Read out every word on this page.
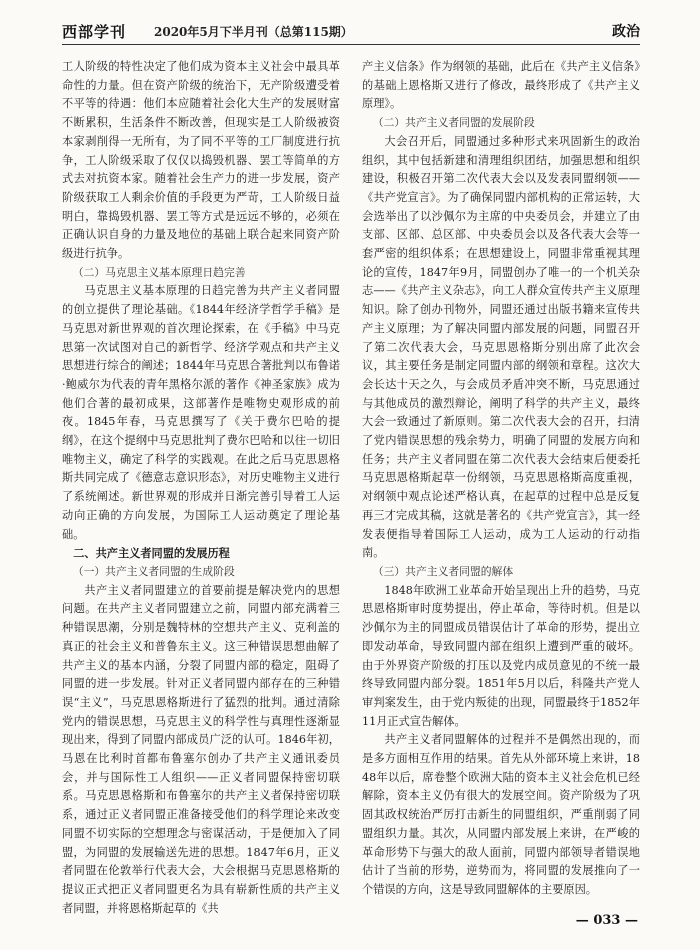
西部学刊 2020年5月下半月刊（总第115期）	政治

工人阶级的特性决定了他们成为资本主义社会中最具革命性的力量。但在资产阶级的统治下，无产阶级遭受着不平等的待遇：他们本应随着社会化大生产的发展财富不断累积，生活条件不断改善，但现实是工人阶级被资本家剥削得一无所有，为了同不平等的工厂制度进行抗争，工人阶级采取了仅仅以捣毁机器、罢工等简单的方式去对抗资本家。随着社会生产力的进一步发展，资产阶级获取工人剩余价值的手段更为严苛，工人阶级日益明白，靠捣毁机器、罢工等方式是远远不够的，必须在正确认识自身的力量及地位的基础上联合起来同资产阶级进行抗争。

（二）马克思主义基本原理日趋完善

马克思主义基本原理的日趋完善为共产主义者同盟的创立提供了理论基础。《1844年经济学哲学手稿》是马克思对新世界观的首次理论探索，在《手稿》中马克思第一次试图对自己的新哲学、经济学观点和共产主义思想进行综合的阐述；1844年马克思合著批判以布鲁诺·鲍威尔为代表的青年黑格尔派的著作《神圣家族》成为他们合著的最初成果，这部著作是唯物史观形成的前夜。1845年春，马克思撰写了《关于费尔巴哈的提纲》，在这个提纲中马克思批判了费尔巴哈和以往一切旧唯物主义，确定了科学的实践观。在此之后马克思恩格斯共同完成了《德意志意识形态》，对历史唯物主义进行了系统阐述。新世界观的形成并日渐完善引导着工人运动向正确的方向发展，为国际工人运动奠定了理论基础。

二、共产主义者同盟的发展历程

（一）共产主义者同盟的生成阶段

共产主义者同盟建立的首要前提是解决党内的思想问题。在共产主义者同盟建立之前，同盟内部充满着三种错误思潮，分别是魏特林的空想共产主义、克利盖的真正的社会主义和普鲁东主义。这三种错误思想曲解了共产主义的基本内涵，分裂了同盟内部的稳定，阻碍了同盟的进一步发展。针对正义者同盟内部存在的三种错误“主义”，马克思恩格斯进行了猛烈的批判。通过清除党内的错误思想，马克思主义的科学性与真理性逐渐显现出来，得到了同盟内部成员广泛的认可。1846年初，马恩在比利时首都布鲁塞尔创办了共产主义通讯委员会，并与国际性工人组织——正义者同盟保持密切联系。马克思恩格斯和布鲁塞尔的共产主义者保持密切联系，通过正义者同盟正准备接受他们的科学理论来改变同盟不切实际的空想理念与密谋活动，于是便加入了同盟，为同盟的发展输送先进的思想。1847年6月，正义者同盟在伦敦举行代表大会，大会根据马克思恩格斯的提议正式把正义者同盟更名为具有崭新性质的共产主义者同盟，并将恩格斯起草的《共

产主义信条》作为纲领的基础，此后在《共产主义信条》的基础上恩格斯又进行了修改，最终形成了《共产主义原理》。

（二）共产主义者同盟的发展阶段

大会召开后，同盟通过多种形式来巩固新生的政治组织，其中包括新建和清理组织团结，加强思想和组织建设，积极召开第二次代表大会以及发表同盟纲领——《共产党宣言》。为了确保同盟内部机构的正常运转，大会选举出了以沙佩尔为主席的中央委员会，并建立了由支部、区部、总区部、中央委员会以及各代表大会等一套严密的组织体系；在思想建设上，同盟非常重视其理论的宣传，1847年9月，同盟创办了唯一的一个机关杂志——《共产主义杂志》，向工人群众宣传共产主义原理知识。除了创办刊物外，同盟还通过出版书籍来宣传共产主义原理；为了解决同盟内部发展的问题，同盟召开了第二次代表大会，马克思恩格斯分别出席了此次会议，其主要任务是制定同盟内部的纲领和章程。这次大会长达十天之久，与会成员矛盾冲突不断，马克思通过与其他成员的激烈辩论，阐明了科学的共产主义，最终大会一致通过了新原则。第二次代表大会的召开，扫清了党内错误思想的残余势力，明确了同盟的发展方向和任务；共产主义者同盟在第二次代表大会结束后便委托马克思恩格斯起草一份纲领，马克思恩格斯高度重视，对纲领中观点论述严格认真，在起草的过程中总是反复再三才完成其稿，这就是著名的《共产党宣言》，其一经发表便指导着国际工人运动，成为工人运动的行动指南。

（三）共产主义者同盟的解体

1848年欧洲工业革命开始呈现出上升的趋势，马克思恩格斯审时度势提出，停止革命，等待时机。但是以沙佩尔为主的同盟成员错误估计了革命的形势，提出立即发动革命，导致同盟内部在组织上遭到严重的破坏。由于外界资产阶级的打压以及党内成员意见的不统一最终导致同盟内部分裂。1851年5月以后，科隆共产党人审判案发生，由于党内叛徒的出现，同盟最终于1852年11月正式宣告解体。

共产主义者同盟解体的过程并不是偶然出现的，而是多方面相互作用的结果。首先从外部环境上来讲，1848年以后，席卷整个欧洲大陆的资本主义社会危机已经解除，资本主义仍有很大的发展空间。资产阶级为了巩固其政权统治严厉打击新生的同盟组织，严重削弱了同盟组织力量。其次，从同盟内部发展上来讲，在严峻的革命形势下与强大的敌人面前，同盟内部领导者错误地估计了当前的形势，逆势而为，将同盟的发展推向了一个错误的方向，这是导致同盟解体的主要原因。

— 033 —
